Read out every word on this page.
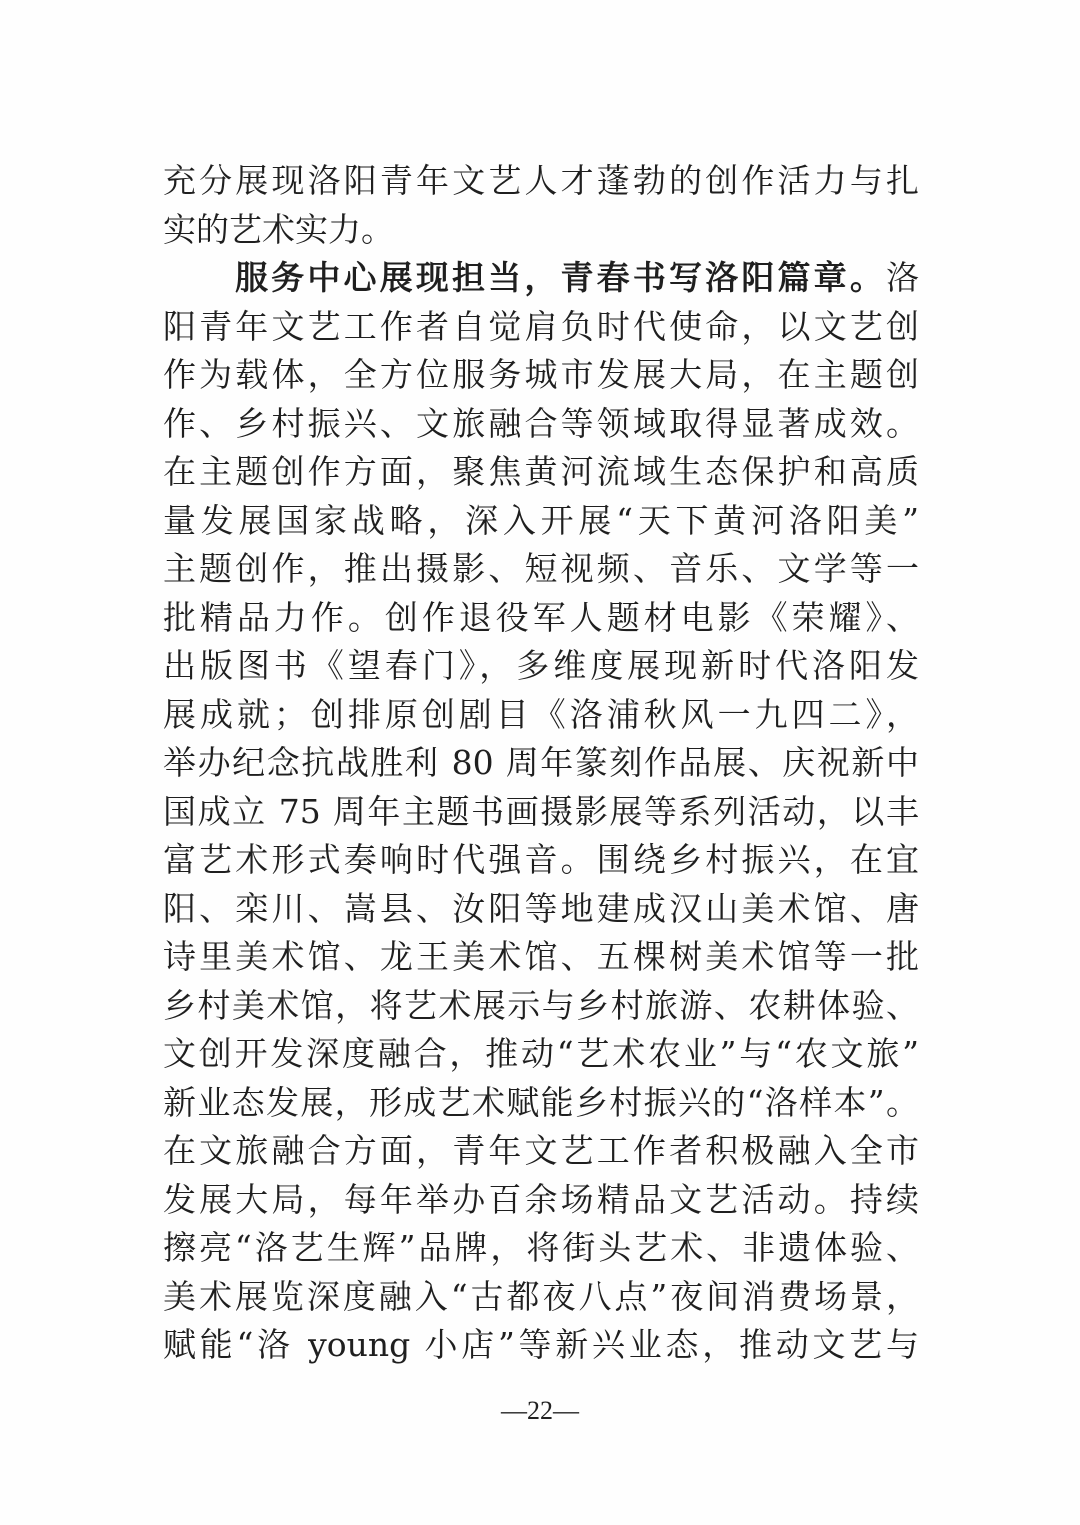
充分展现洛阳青年文艺人才蓬勃的创作活力与扎
实的艺术实力。
服务中心展现担当，青春书写洛阳篇章。洛
阳青年文艺工作者自觉肩负时代使命，以文艺创
作为载体，全方位服务城市发展大局，在主题创
作、乡村振兴、文旅融合等领域取得显著成效。
在主题创作方面，聚焦黄河流域生态保护和高质
量发展国家战略，深入开展“天下黄河洛阳美”
主题创作，推出摄影、短视频、音乐、文学等一
批精品力作。创作退役军人题材电影《荣耀》、
出版图书《望春门》，多维度展现新时代洛阳发
展成就；创排原创剧目《洛浦秋风一九四二》，
举办纪念抗战胜利 80 周年篆刻作品展、庆祝新中
国成立 75 周年主题书画摄影展等系列活动，以丰
富艺术形式奏响时代强音。围绕乡村振兴，在宜
阳、栾川、嵩县、汝阳等地建成汉山美术馆、唐
诗里美术馆、龙王美术馆、五棵树美术馆等一批
乡村美术馆，将艺术展示与乡村旅游、农耕体验、
文创开发深度融合，推动“艺术农业”与“农文旅”
新业态发展，形成艺术赋能乡村振兴的“洛样本”。
在文旅融合方面，青年文艺工作者积极融入全市
发展大局，每年举办百余场精品文艺活动。持续
擦亮“洛艺生辉”品牌，将街头艺术、非遗体验、
美术展览深度融入“古都夜八点”夜间消费场景，
赋能“洛 young 小店”等新兴业态，推动文艺与
—22—
